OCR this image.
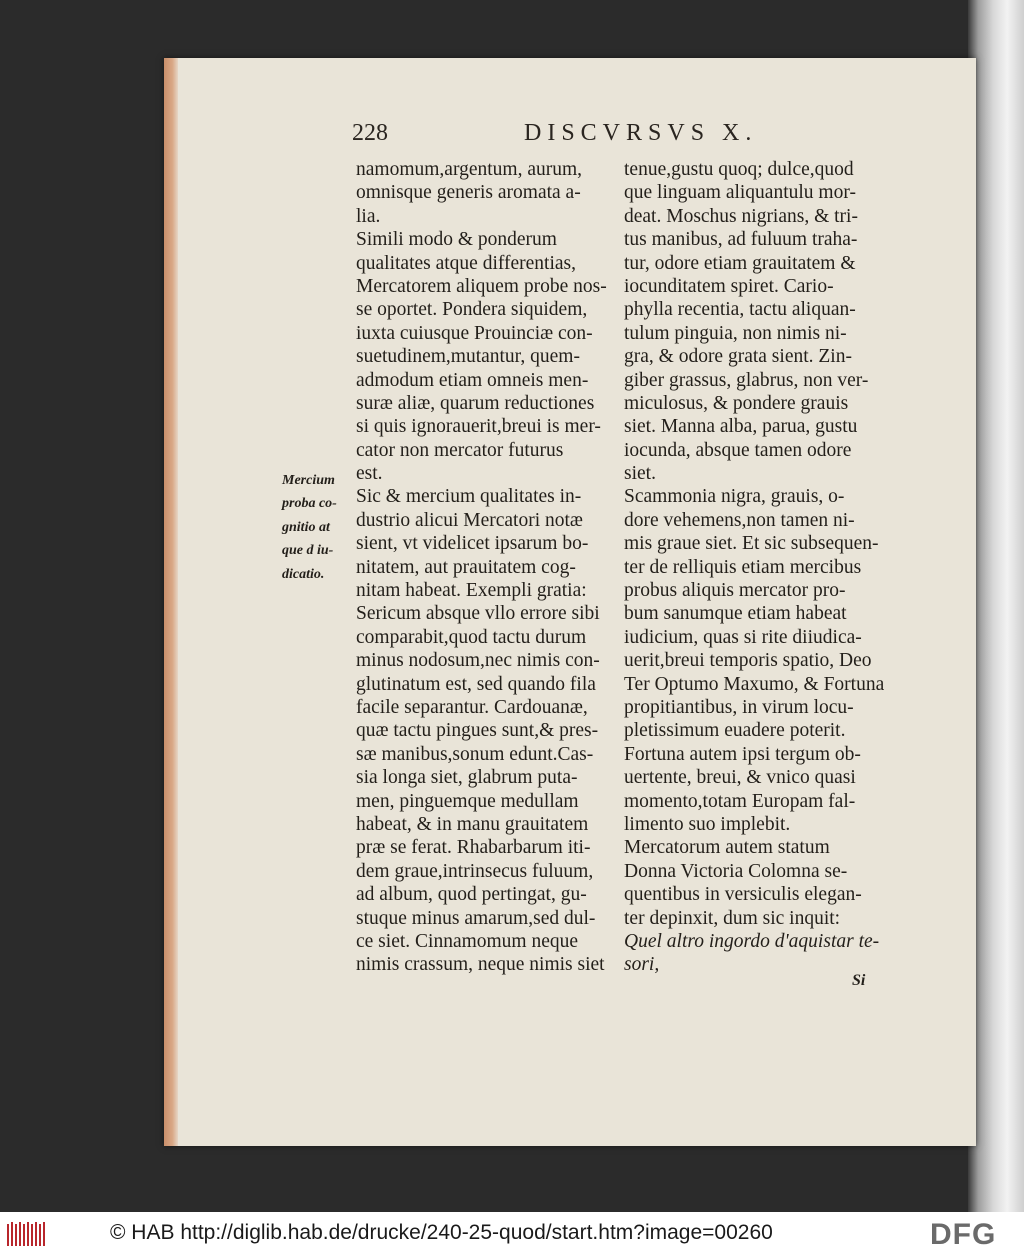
228	DISCVRSVS X.
Mercium
proba co-
gnitio at
que d iu-
dicatio.
namomum,argentum, aurum,
omnisque generis aromata a-
lia.
Simili modo & ponderum
qualitates atque differentias,
Mercatorem aliquem probe nos-
se oportet. Pondera siquidem,
iuxta cuiusque Prouinciæ con-
suetudinem,mutantur, quem-
admodum etiam omneis men-
suræ aliæ, quarum reductiones
si quis ignorauerit,breui is mer-
cator non mercator futurus
est.
Sic & mercium qualitates in-
dustrio alicui Mercatori notæ
sient, vt videlicet ipsarum bo-
nitatem, aut prauitatem cog-
nitam habeat. Exempli gratia:
Sericum absque vllo errore sibi
comparabit,quod tactu durum
minus nodosum,nec nimis con-
glutinatum est, sed quando fila
facile separantur. Cardouanæ,
quæ tactu pingues sunt,& pres-
sæ manibus,sonum edunt.Cas-
sia longa siet, glabrum puta-
men, pinguemque medullam
habeat, & in manu grauitatem
præ se ferat. Rhabarbarum iti-
dem graue,intrinsecus fuluum,
ad album, quod pertingat, gu-
stuque minus amarum,sed dul-
ce siet. Cinnamomum neque
nimis crassum, neque nimis siet
tenue,gustu quoq; dulce,quod
que linguam aliquantulu mor-
deat. Moschus nigrians, & tri-
tus manibus, ad fuluum traha-
tur, odore etiam grauitatem &
iocunditatem spiret. Cario-
phylla recentia, tactu aliquan-
tulum pinguia, non nimis ni-
gra, & odore grata sient. Zin-
giber grassus, glabrus, non ver-
miculosus, & pondere grauis
siet. Manna alba, parua, gustu
iocunda, absque tamen odore
siet.
Scammonia nigra, grauis, o-
dore vehemens,non tamen ni-
mis graue siet. Et sic subsequen-
ter de relliquis etiam mercibus
probus aliquis mercator pro-
bum sanumque etiam habeat
iudicium, quas si rite diiudica-
uerit,breui temporis spatio, Deo
Ter Optumo Maxumo, & Fortuna
propitiantibus, in virum locu-
pletissimum euadere poterit.
Fortuna autem ipsi tergum ob-
uertente, breui, & vnico quasi
momento,totam Europam fal-
limento suo implebit.
Mercatorum autem statum
Donna Victoria Colomna se-
quentibus in versiculis elegan-
ter depinxit, dum sic inquit:
Quel altro ingordo d'aquistar te-
sori,
Si
© HAB http://diglib.hab.de/drucke/240-25-quod/start.htm?image=00260	DFG
